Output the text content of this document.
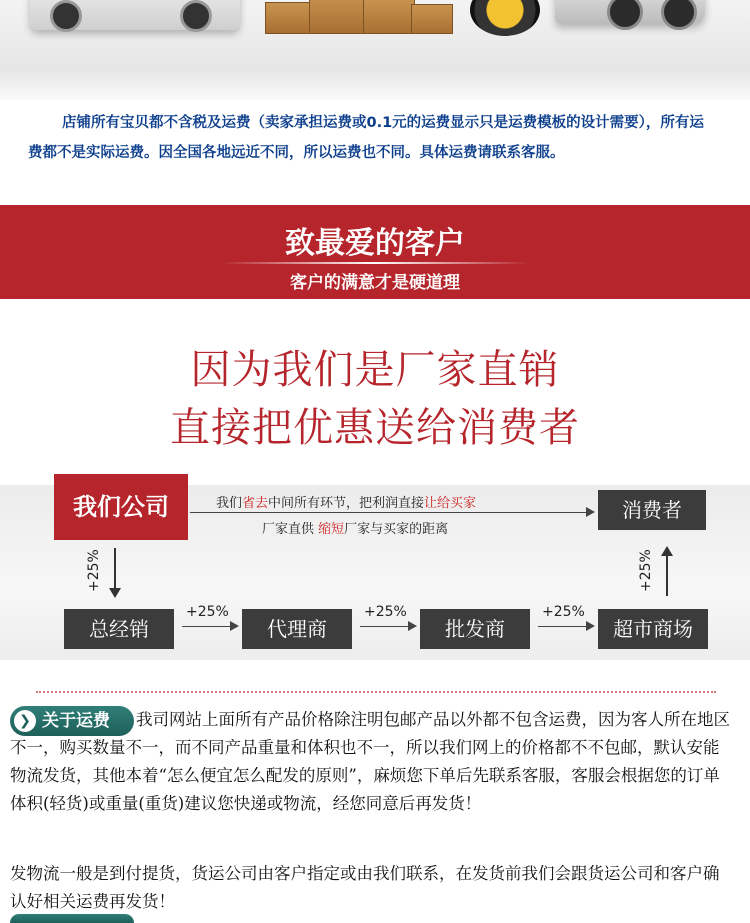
店铺所有宝贝都不含税及运费（卖家承担运费或0.1元的运费显示只是运费模板的设计需要），所有运费都不是实际运费。因全国各地远近不同，所以运费也不同。具体运费请联系客服。

致最爱的客户
客户的满意才是硬道理
因为我们是厂家直销
直接把优惠送给消费者
我们公司	我们省去中间所有环节，把利润直接让给买家
厂家直供 缩短厂家与买家的距离
消费者
+25%	+25%
总经销	代理商	批发商	超市商场
+25%	+25%	+25%
❯ 关于运费	我司网站上面所有产品价格除注明包邮产品以外都不包含运费，因为客人所在地区不一，购买数量不一，而不同产品重量和体积也不一，所以我们网上的价格都不不包邮，默认安能物流发货，其他本着“怎么便宜怎么配发的原则”，麻烦您下单后先联系客服，客服会根据您的订单体积(轻货)或重量(重货)建议您快递或物流，经您同意后再发货！

发物流一般是到付提货，货运公司由客户指定或由我们联系，在发货前我们会跟货运公司和客户确认好相关运费再发货！
